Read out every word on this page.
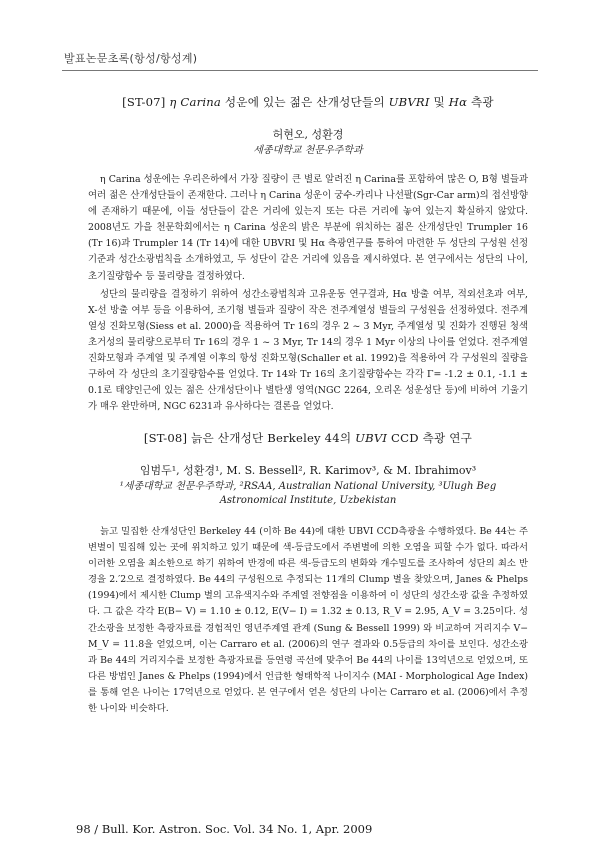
발표논문초록(항성/항성계)
[ST-07] η Carina 성운에 있는 젊은 산개성단들의 UBVRI 및 Hα 측광

허현오, 성환경

세종대학교 천문우주학과

η Carina 성운에는 우리은하에서 가장 질량이 큰 별로 알려진 η Carina를 포함하여 많은 O, B형 별들과 여러 젊은 산개성단들이 존재한다. 그러나 η Carina 성운이 궁수-카리나 나선팔(Sgr-Car arm)의 접선방향에 존재하기 때문에, 이들 성단들이 같은 거리에 있는지 또는 다른 거리에 놓여 있는지 확실하지 않았다. 2008년도 가을 천문학회에서는 η Carina 성운의 밝은 부분에 위치하는 젊은 산개성단인 Trumpler 16 (Tr 16)과 Trumpler 14 (Tr 14)에 대한 UBVRI 및 Hα 측광연구를 통하여 마련한 두 성단의 구성원 선정기준과 성간소광법칙을 소개하였고, 두 성단이 같은 거리에 있음을 제시하였다. 본 연구에서는 성단의 나이, 초기질량함수 등 물리량을 결정하였다.

성단의 물리량을 결정하기 위하여 성간소광법칙과 고유운동 연구결과, Hα 방출 여부, 적외선초과 여부, X-선 방출 여부 등을 이용하여, 조기형 별들과 질량이 작은 전주계열성 별들의 구성원을 선정하였다. 전주계열성 진화모형(Siess et al. 2000)을 적용하여 Tr 16의 경우 2 ~ 3 Myr, 주계열성 및 진화가 진행된 청색초거성의 물리량으로부터 Tr 16의 경우 1 ~ 3 Myr, Tr 14의 경우 1 Myr 이상의 나이를 얻었다. 전주계열 진화모형과 주계열 및 주계열 이후의 항성 진화모형(Schaller et al. 1992)을 적용하여 각 구성원의 질량을 구하여 각 성단의 초기질량함수를 얻었다. Tr 14와 Tr 16의 초기질량함수는 각각 Γ= -1.2 ± 0.1, -1.1 ± 0.1로 태양인근에 있는 젊은 산개성단이나 별탄생 영역(NGC 2264, 오리온 성운성단 등)에 비하여 기울기가 매우 완만하며, NGC 6231과 유사하다는 결론을 얻었다.

[ST-08] 늙은 산개성단 Berkeley 44의 UBVI CCD 측광 연구

임범두¹, 성환경¹, M. S. Bessell², R. Karimov³, & M. Ibrahimov³

¹세종대학교 천문우주학과, ²RSAA, Australian National University, ³Ulugh Beg

Astronomical Institute, Uzbekistan

늙고 밀집한 산개성단인 Berkeley 44 (이하 Be 44)에 대한 UBVI CCD측광을 수행하였다. Be 44는 주변별이 밀집해 있는 곳에 위치하고 있기 때문에 색-등급도에서 주변별에 의한 오염을 피할 수가 없다. 따라서 이러한 오염을 최소한으로 하기 위하여 반경에 따른 색-등급도의 변화와 개수밀도를 조사하여 성단의 최소 반경을 2.′2으로 결정하였다. Be 44의 구성원으로 추정되는 11개의 Clump 별을 찾았으며, Janes & Phelps (1994)에서 제시한 Clump 별의 고유색지수와 주계열 전향점을 이용하여 이 성단의 성간소광 값을 추정하였다. 그 값은 각각 E(B− V) = 1.10 ± 0.12, E(V− I) = 1.32 ± 0.13, R_V = 2.95, A_V = 3.25이다. 성간소광을 보정한 측광자료를 경험적인 영년주계열 관계 (Sung & Bessell 1999) 와 비교하여 거리지수 V− M_V = 11.8을 얻었으며, 이는 Carraro et al. (2006)의 연구 결과와 0.5등급의 차이를 보인다. 성간소광과 Be 44의 거리지수를 보정한 측광자료를 등연령 곡선에 맞추어 Be 44의 나이를 13억년으로 얻었으며, 또 다른 방법인 Janes & Phelps (1994)에서 언급한 형태학적 나이지수 (MAI - Morphological Age Index)를 통해 얻은 나이는 17억년으로 얻었다. 본 연구에서 얻은 성단의 나이는 Carraro et al. (2006)에서 추정한 나이와 비슷하다.

98 / Bull. Kor. Astron. Soc. Vol. 34 No. 1, Apr. 2009
